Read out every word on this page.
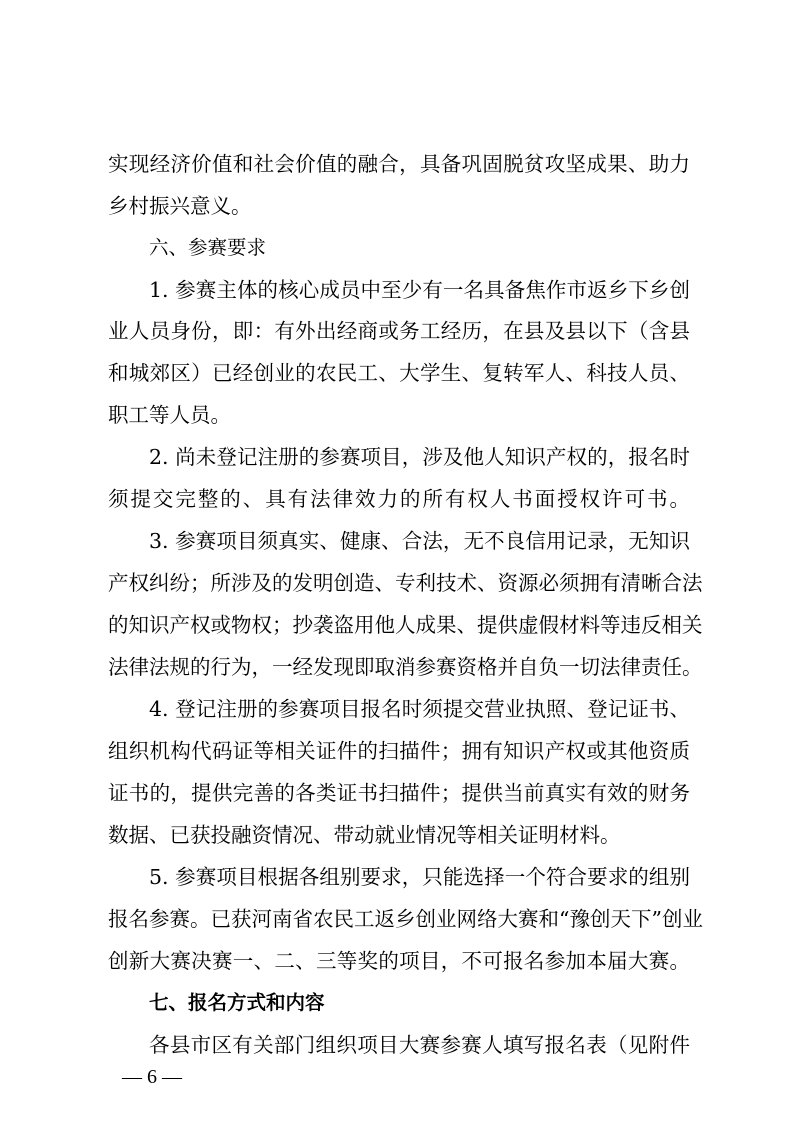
实现经济价值和社会价值的融合，具备巩固脱贫攻坚成果、助力
乡村振兴意义。
六、参赛要求
1. 参赛主体的核心成员中至少有一名具备焦作市返乡下乡创
业人员身份，即：有外出经商或务工经历，在县及县以下（含县
和城郊区）已经创业的农民工、大学生、复转军人、科技人员、
职工等人员。
2. 尚未登记注册的参赛项目，涉及他人知识产权的，报名时
须提交完整的、具有法律效力的所有权人书面授权许可书。
3. 参赛项目须真实、健康、合法，无不良信用记录，无知识
产权纠纷；所涉及的发明创造、专利技术、资源必须拥有清晰合法
的知识产权或物权；抄袭盗用他人成果、提供虚假材料等违反相关
法律法规的行为，一经发现即取消参赛资格并自负一切法律责任。
4. 登记注册的参赛项目报名时须提交营业执照、登记证书、
组织机构代码证等相关证件的扫描件；拥有知识产权或其他资质
证书的，提供完善的各类证书扫描件；提供当前真实有效的财务
数据、已获投融资情况、带动就业情况等相关证明材料。
5. 参赛项目根据各组别要求，只能选择一个符合要求的组别
报名参赛。已获河南省农民工返乡创业网络大赛和“豫创天下”创业
创新大赛决赛一、二、三等奖的项目，不可报名参加本届大赛。
七、报名方式和内容
各县市区有关部门组织项目大赛参赛人填写报名表（见附件
— 6 —
